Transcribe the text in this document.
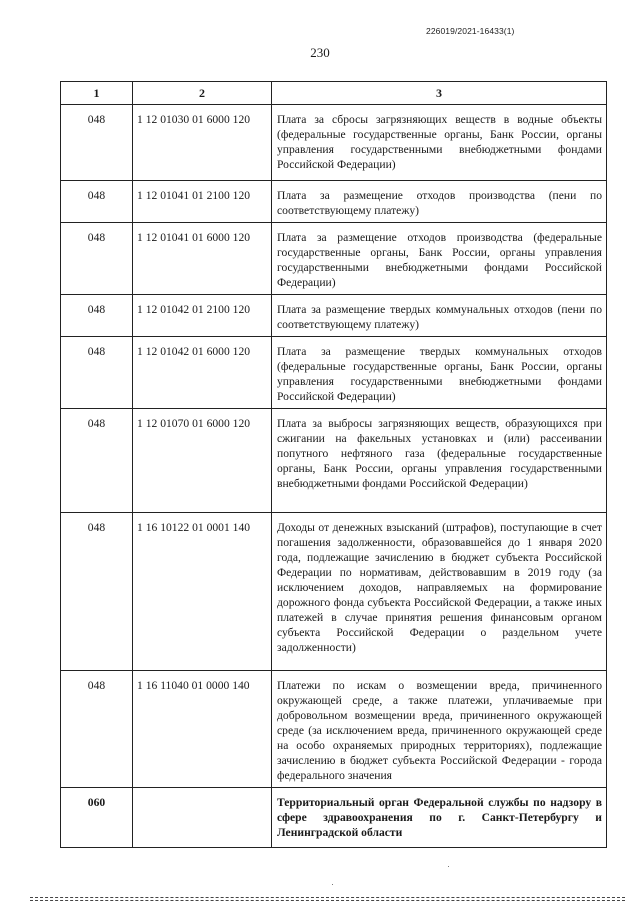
226019/2021-16433(1)
230
1	2	3
048	1 12 01030 01 6000 120	Плата за сбросы загрязняющих веществ в водные объекты (федеральные государственные органы, Банк России, органы управления государственными внебюджетными фондами Российской Федерации)
048	1 12 01041 01 2100 120	Плата за размещение отходов производства (пени по соответствующему платежу)
048	1 12 01041 01 6000 120	Плата за размещение отходов производства (федеральные государственные органы, Банк России, органы управления государственными внебюджетными фондами Российской Федерации)
048	1 12 01042 01 2100 120	Плата за размещение твердых коммунальных отходов (пени по соответствующему платежу)
048	1 12 01042 01 6000 120	Плата за размещение твердых коммунальных отходов (федеральные государственные органы, Банк России, органы управления государственными внебюджетными фондами Российской Федерации)
048	1 12 01070 01 6000 120	Плата за выбросы загрязняющих веществ, образующихся при сжигании на факельных установках и (или) рассеивании попутного нефтяного газа (федеральные государственные органы, Банк России, органы управления государственными внебюджетными фондами Российской Федерации)
048	1 16 10122 01 0001 140	Доходы от денежных взысканий (штрафов), поступающие в счет погашения задолженности, образовавшейся до 1 января 2020 года, подлежащие зачислению в бюджет субъекта Российской Федерации по нормативам, действовавшим в 2019 году (за исключением доходов, направляемых на формирование дорожного фонда субъекта Российской Федерации, а также иных платежей в случае принятия решения финансовым органом субъекта Российской Федерации о раздельном учете задолженности)
048	1 16 11040 01 0000 140	Платежи по искам о возмещении вреда, причиненного окружающей среде, а также платежи, уплачиваемые при добровольном возмещении вреда, причиненного окружающей среде (за исключением вреда, причиненного окружающей среде на особо охраняемых природных территориях), подлежащие зачислению в бюджет субъекта Российской Федерации - города федерального значения
060		Территориальный орган Федеральной службы по надзору в сфере здравоохранения по г. Санкт-Петербургу и Ленинградской области
